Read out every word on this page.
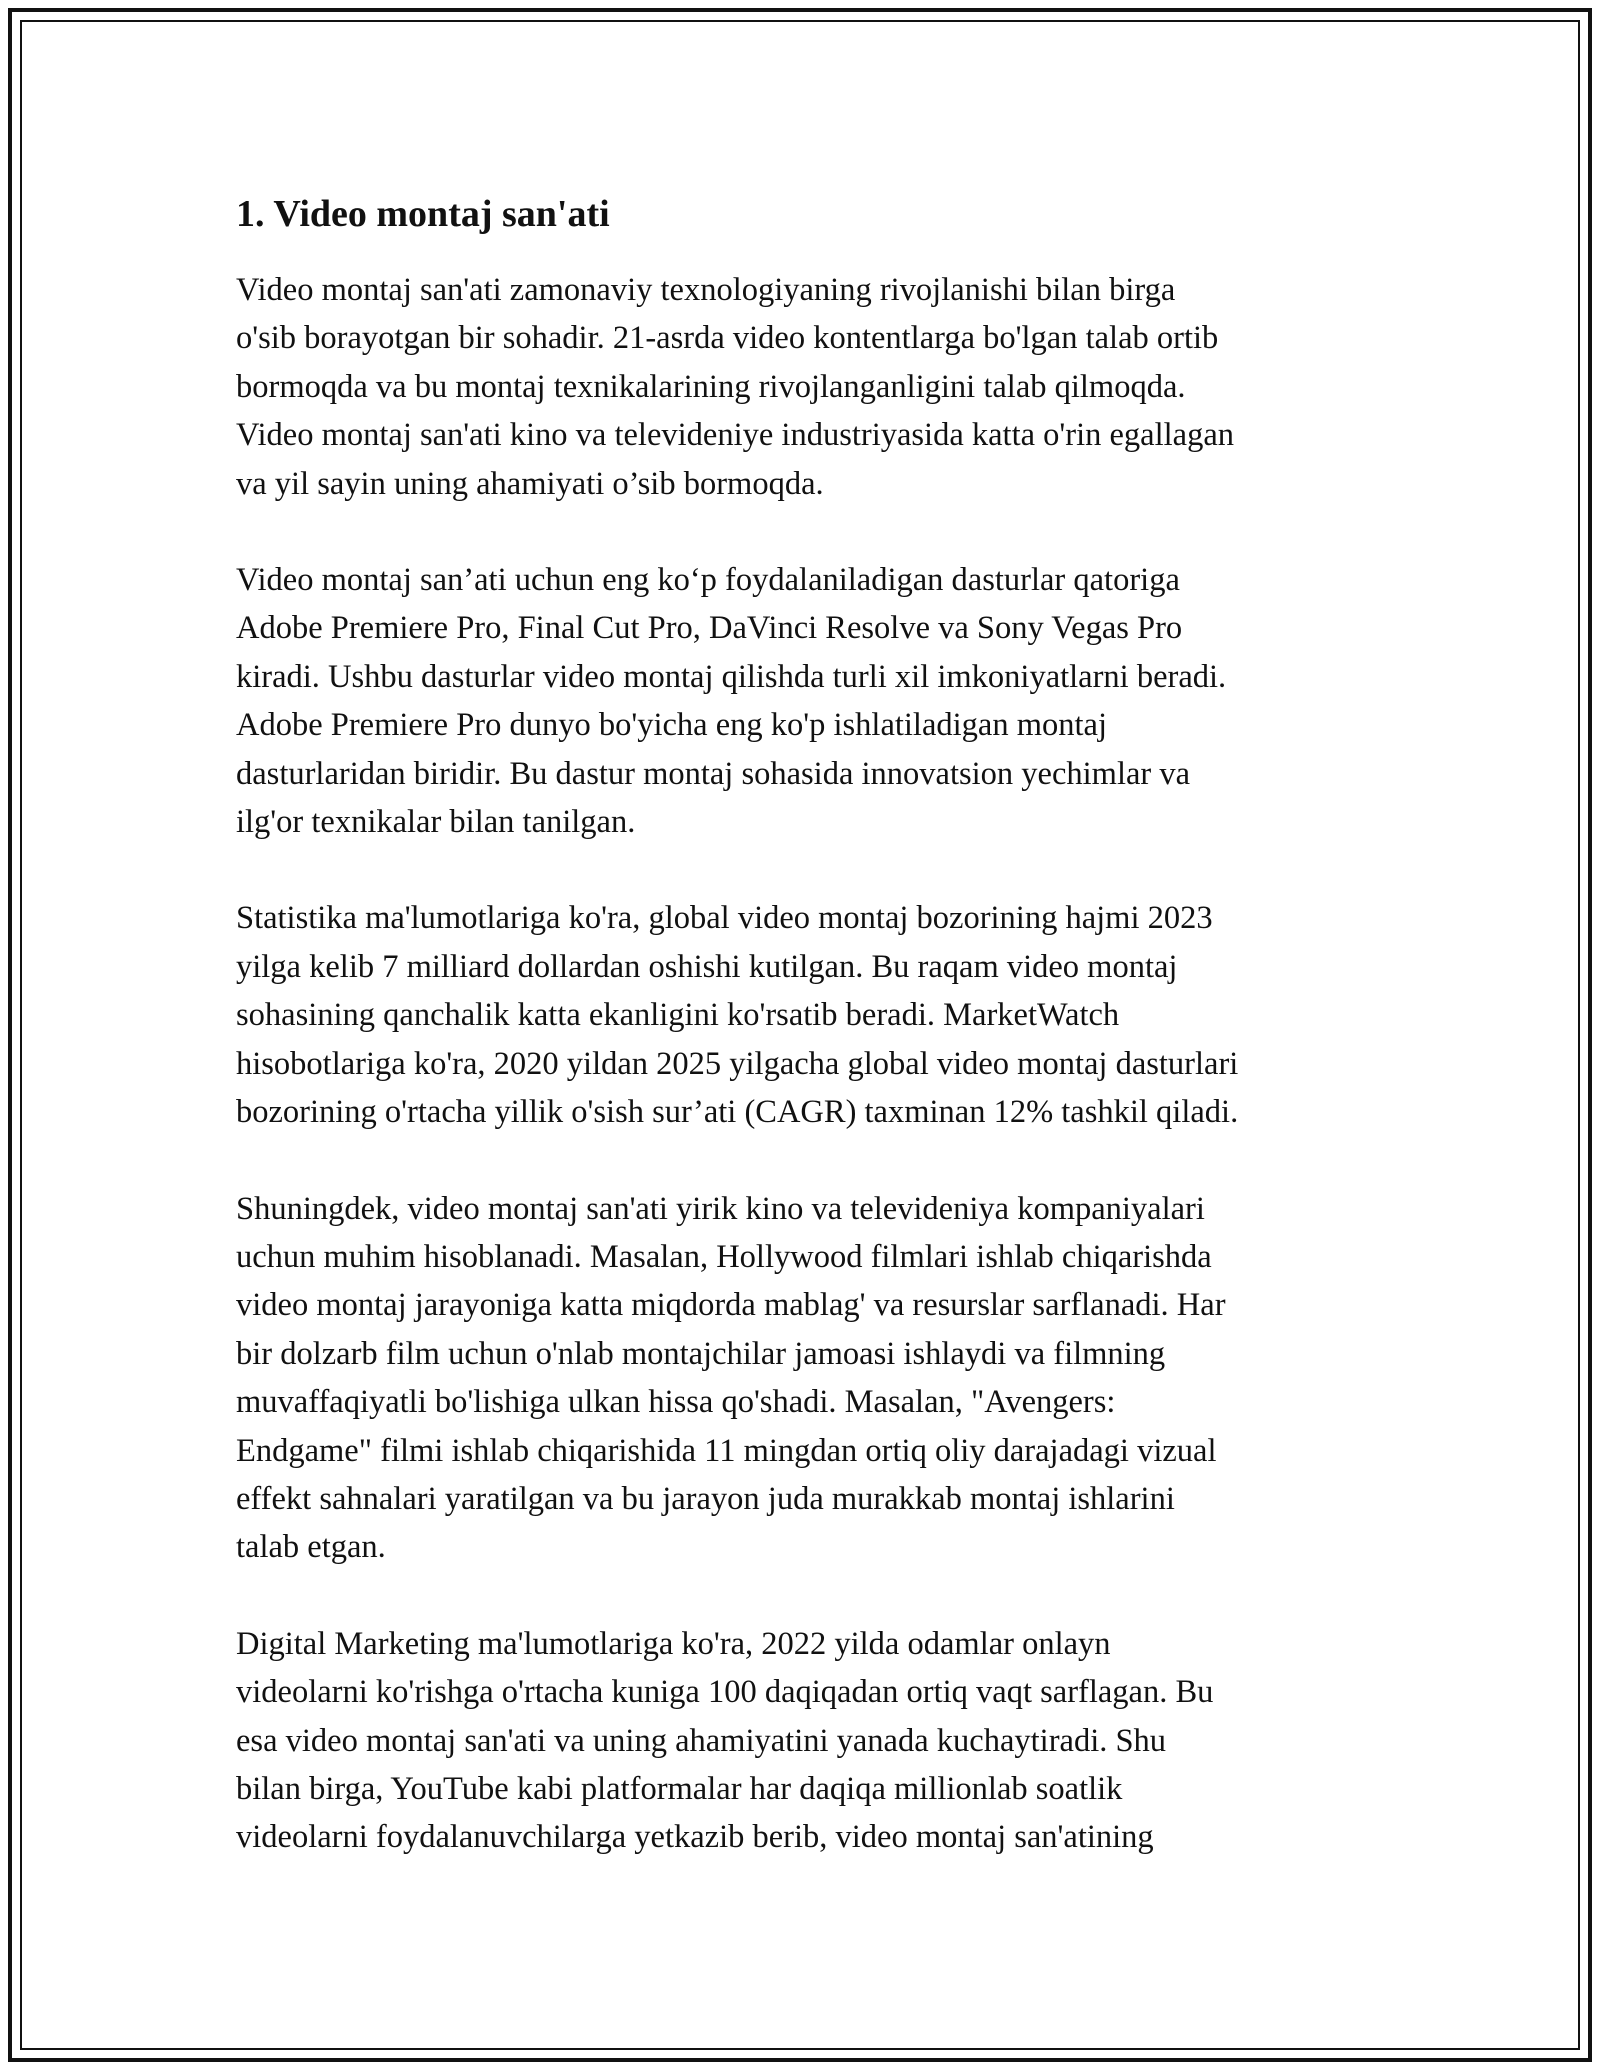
1. Video montaj san'ati

Video montaj san'ati zamonaviy texnologiyaning rivojlanishi bilan birga
o'sib borayotgan bir sohadir. 21-asrda video kontentlarga bo'lgan talab ortib
bormoqda va bu montaj texnikalarining rivojlanganligini talab qilmoqda.
Video montaj san'ati kino va televideniye industriyasida katta o'rin egallagan
va yil sayin uning ahamiyati o’sib bormoqda.

Video montaj san’ati uchun eng ko‘p foydalaniladigan dasturlar qatoriga
Adobe Premiere Pro, Final Cut Pro, DaVinci Resolve va Sony Vegas Pro
kiradi. Ushbu dasturlar video montaj qilishda turli xil imkoniyatlarni beradi.
Adobe Premiere Pro dunyo bo'yicha eng ko'p ishlatiladigan montaj
dasturlaridan biridir. Bu dastur montaj sohasida innovatsion yechimlar va
ilg'or texnikalar bilan tanilgan.

Statistika ma'lumotlariga ko'ra, global video montaj bozorining hajmi 2023
yilga kelib 7 milliard dollardan oshishi kutilgan. Bu raqam video montaj
sohasining qanchalik katta ekanligini ko'rsatib beradi. MarketWatch
hisobotlariga ko'ra, 2020 yildan 2025 yilgacha global video montaj dasturlari
bozorining o'rtacha yillik o'sish sur’ati (CAGR) taxminan 12% tashkil qiladi.

Shuningdek, video montaj san'ati yirik kino va televideniya kompaniyalari
uchun muhim hisoblanadi. Masalan, Hollywood filmlari ishlab chiqarishda
video montaj jarayoniga katta miqdorda mablag' va resurslar sarflanadi. Har
bir dolzarb film uchun o'nlab montajchilar jamoasi ishlaydi va filmning
muvaffaqiyatli bo'lishiga ulkan hissa qo'shadi. Masalan, "Avengers:
Endgame" filmi ishlab chiqarishida 11 mingdan ortiq oliy darajadagi vizual
effekt sahnalari yaratilgan va bu jarayon juda murakkab montaj ishlarini
talab etgan.

Digital Marketing ma'lumotlariga ko'ra, 2022 yilda odamlar onlayn
videolarni ko'rishga o'rtacha kuniga 100 daqiqadan ortiq vaqt sarflagan. Bu
esa video montaj san'ati va uning ahamiyatini yanada kuchaytiradi. Shu
bilan birga, YouTube kabi platformalar har daqiqa millionlab soatlik
videolarni foydalanuvchilarga yetkazib berib, video montaj san'atining
